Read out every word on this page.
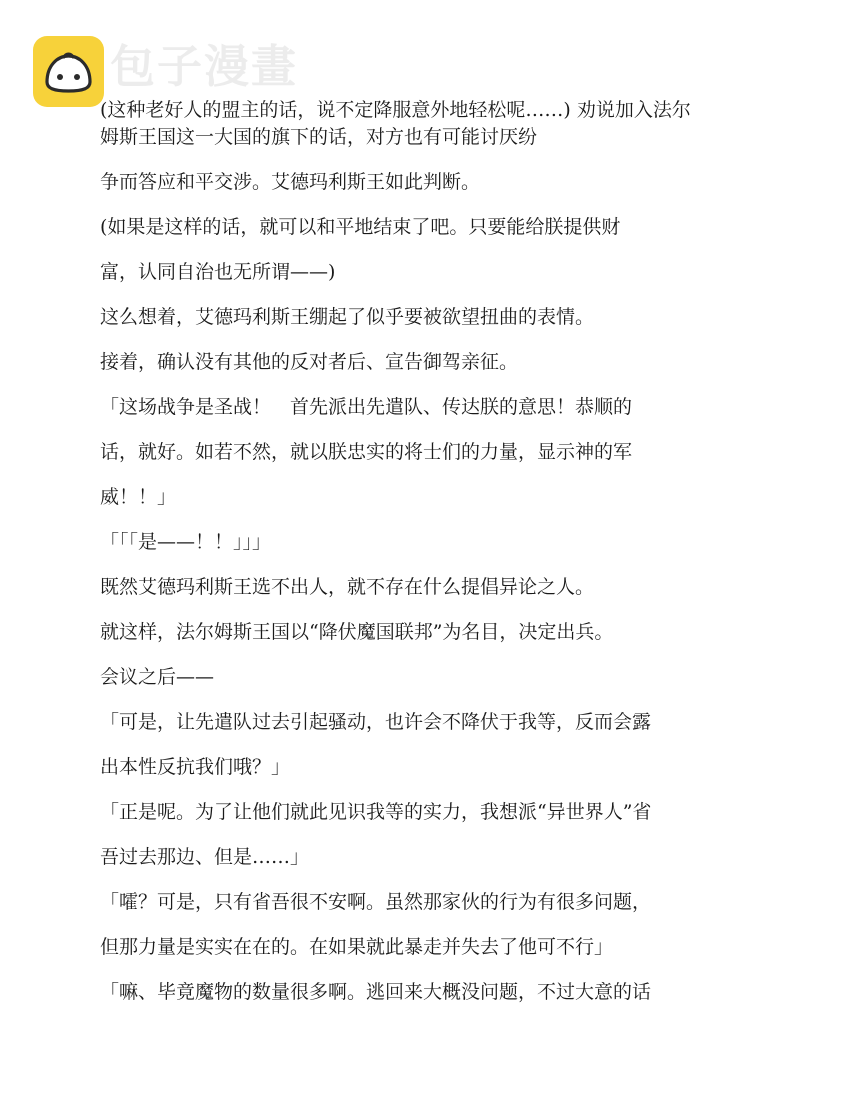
包子漫畫

(这种老好人的盟主的话，说不定降服意外地轻松呢……) 劝说加入法尔

姆斯王国这一大国的旗下的话，对方也有可能讨厌纷

争而答应和平交涉。艾德玛利斯王如此判断。

(如果是这样的话，就可以和平地结束了吧。只要能给朕提供财

富，认同自治也无所谓——)

这么想着，艾德玛利斯王绷起了似乎要被欲望扭曲的表情。

接着，确认没有其他的反对者后、宣告御驾亲征。

「这场战争是圣战！　首先派出先遣队、传达朕的意思！恭顺的

话，就好。如若不然，就以朕忠实的将士们的力量，显示神的军

威！！」

「「「是——！！」」」

既然艾德玛利斯王选不出人，就不存在什么提倡异论之人。

就这样，法尔姆斯王国以“降伏魔国联邦”为名目，决定出兵。

会议之后——

「可是，让先遣队过去引起骚动，也许会不降伏于我等，反而会露

出本性反抗我们哦？」

「正是呢。为了让他们就此见识我等的实力，我想派“异世界人”省

吾过去那边、但是……」

「嚯？可是，只有省吾很不安啊。虽然那家伙的行为有很多问题，

但那力量是实实在在的。在如果就此暴走并失去了他可不行」

「嘛、毕竟魔物的数量很多啊。逃回来大概没问题，不过大意的话
